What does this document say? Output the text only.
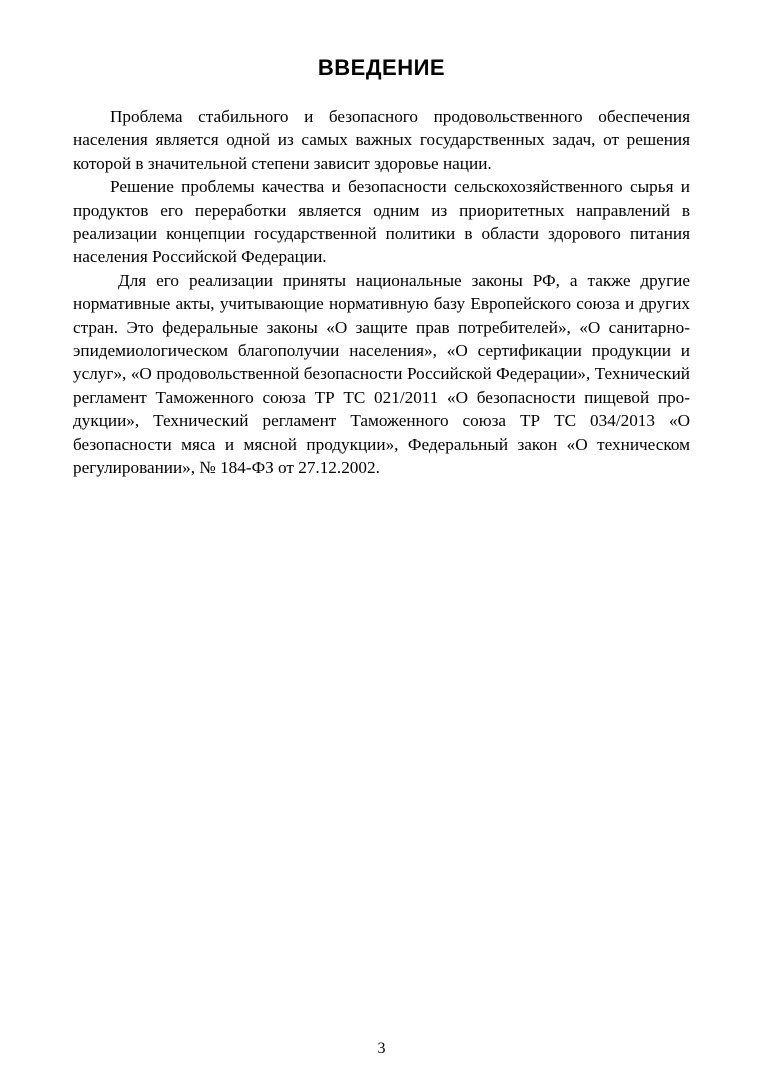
ВВЕДЕНИЕ

Проблема стабильного и безопасного продовольственного обеспечения населения является одной из самых важных государственных задач, от решения которой в значительной степени зависит здоровье нации.

Решение проблемы качества и безопасности сельскохозяйственного сырья и продуктов его переработки является одним из приоритетных направлений в реализации концепции государственной политики в области здорового питания населения Российской Федерации.

Для его реализации приняты национальные законы РФ, а также другие нормативные акты, учитывающие нормативную базу Европейского союза и других стран. Это федеральные законы «О защите прав потребителей», «О санитарно-эпидемиологическом благополучии населения», «О сертификации продукции и услуг», «О продовольственной безопасности Российской Федерации», Технический регламент Таможенного союза ТР ТС 021/2011 «О безопасности пищевой продукции», Технический регламент Таможенного союза ТР ТС 034/2013 «О безопасности мяса и мясной продукции», Федеральный закон «О техническом регулировании», № 184-ФЗ от 27.12.2002.

3
